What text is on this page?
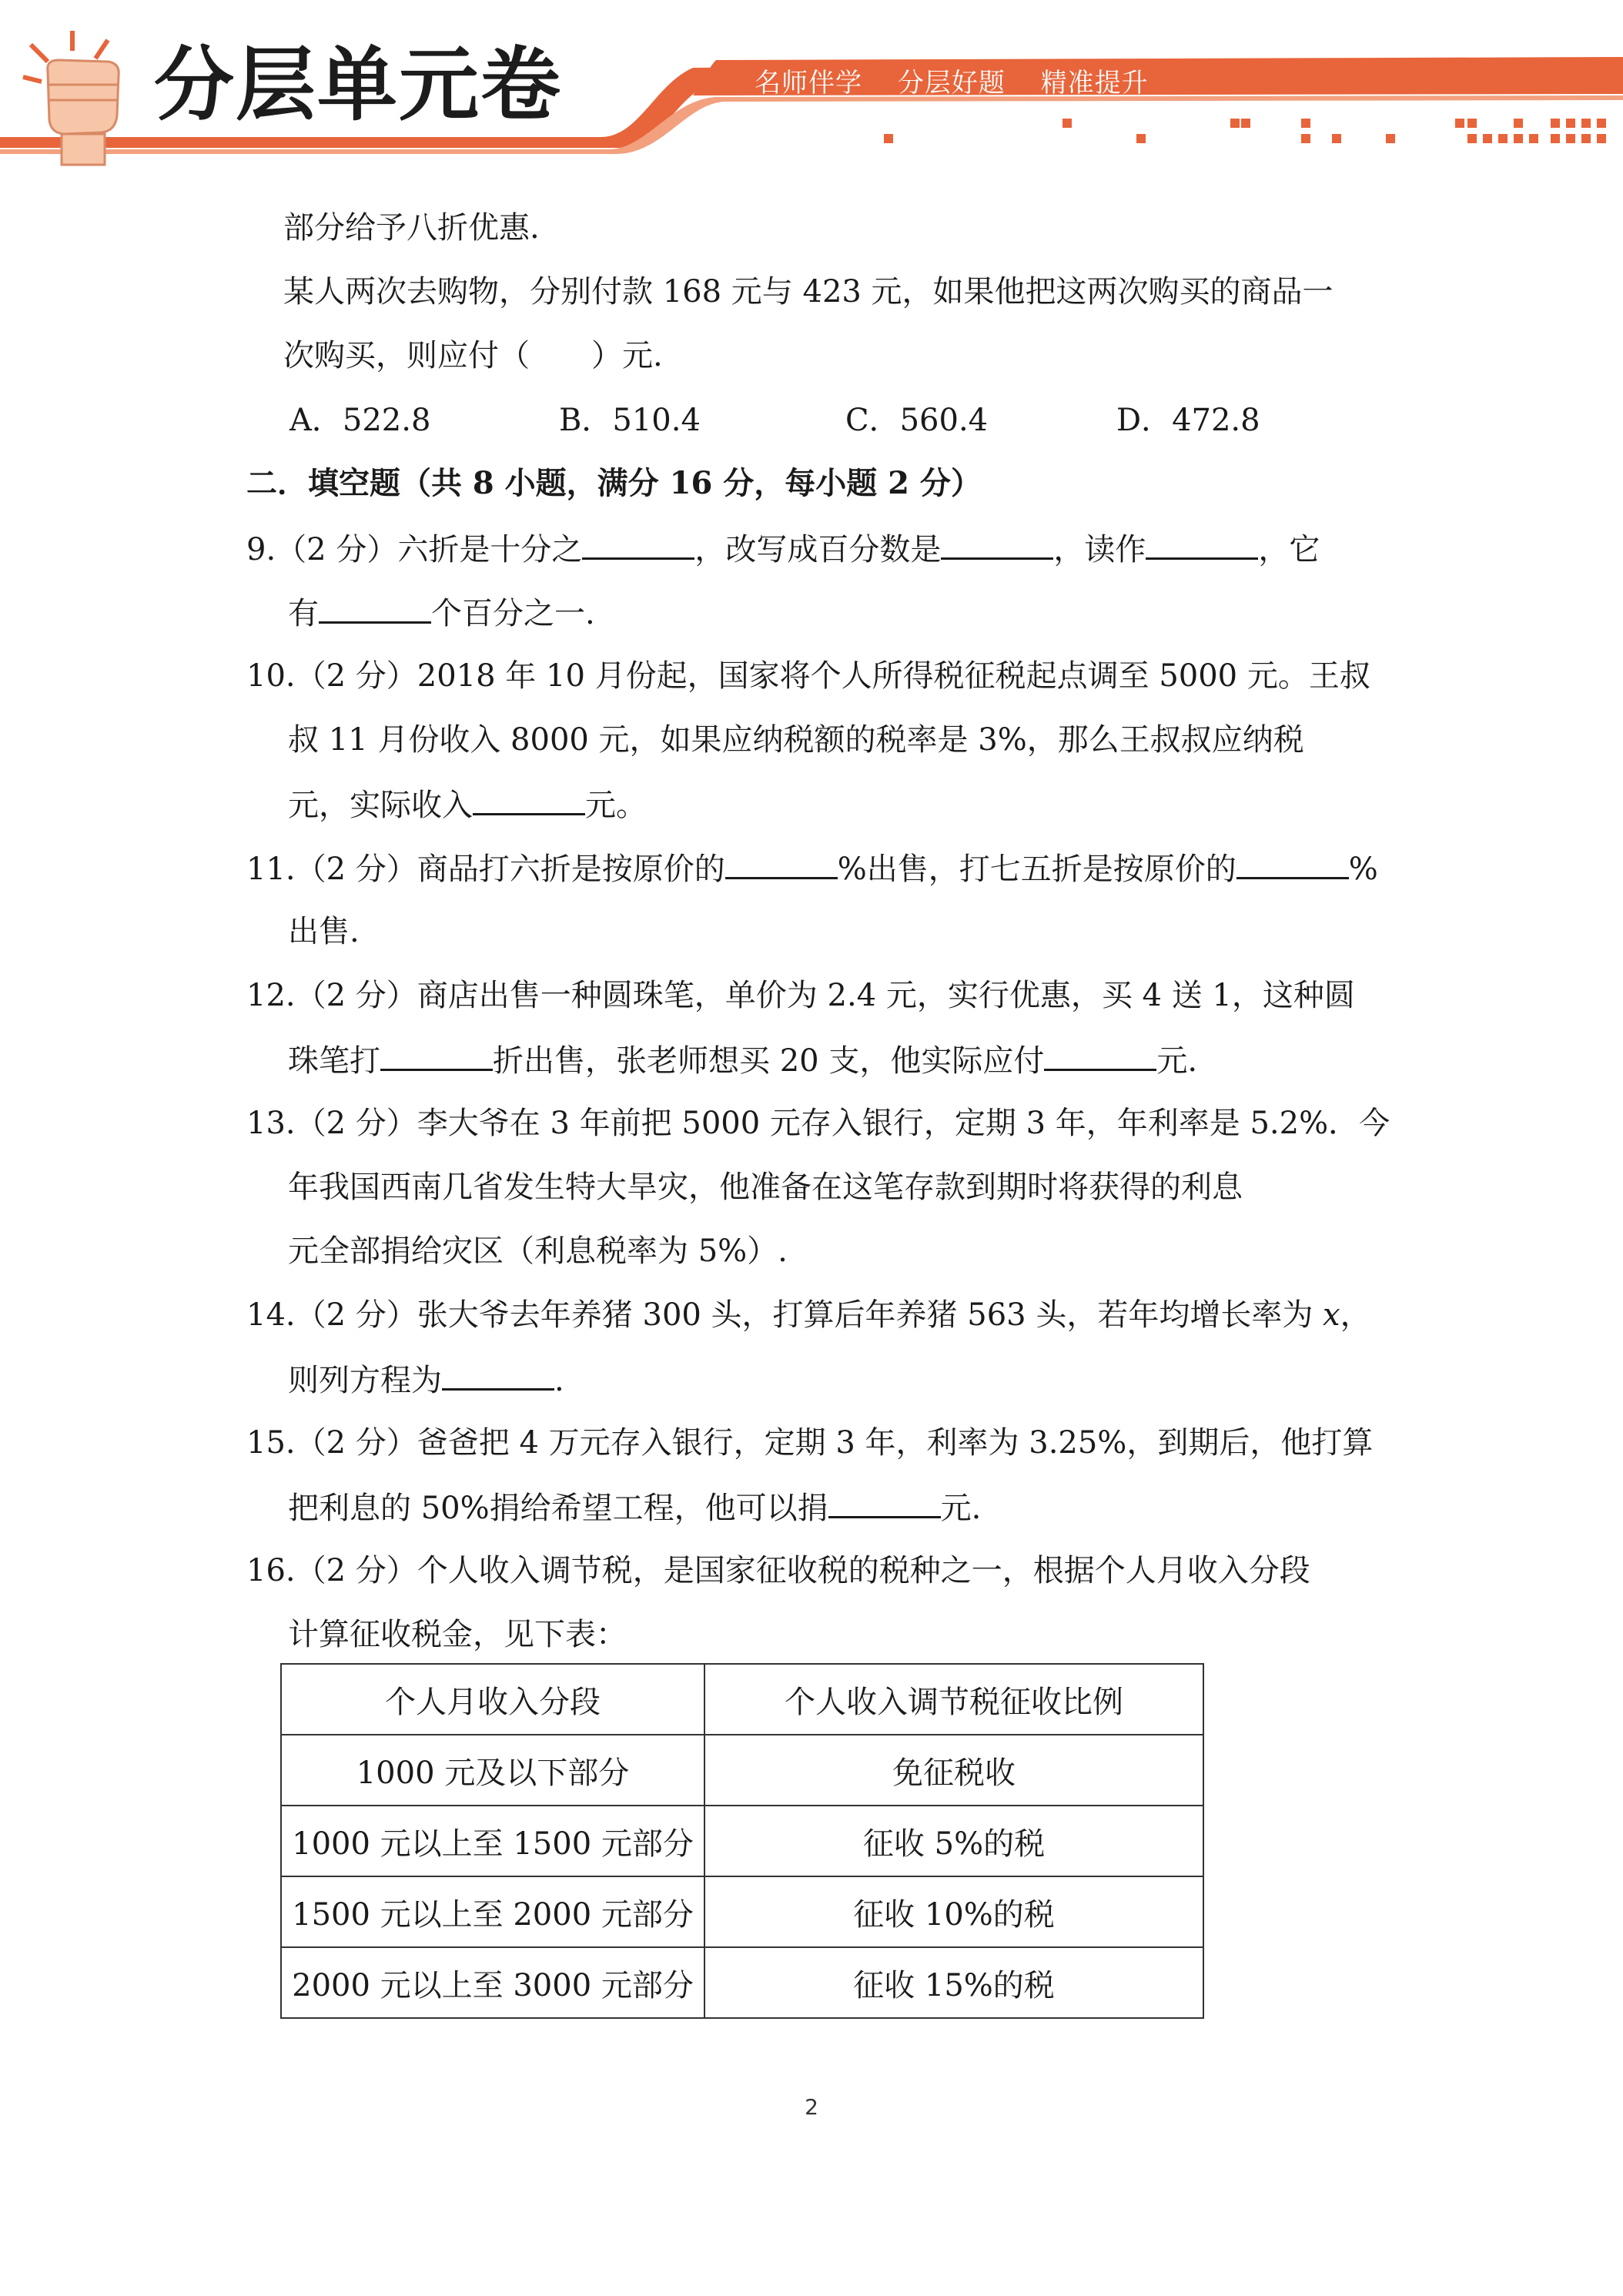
分层单元卷	名师伴学 分层好题 精准提升
部分给予八折优惠.
某人两次去购物，分别付款 168 元与 423 元，如果他把这两次购买的商品一
次购买，则应付（　　）元.
A．522.8	B．510.4	C．560.4	D．472.8
二．填空题（共 8 小题，满分 16 分，每小题 2 分）
9.（2 分）六折是十分之	，改写成百分数是	，读作	，它
有	个百分之一.
10.（2 分）2018 年 10 月份起，国家将个人所得税征税起点调至 5000 元。王叔
叔 11 月份收入 8000 元，如果应纳税额的税率是 3%，那么王叔叔应纳税
元，实际收入	元。
11.（2 分）商品打六折是按原价的	%出售，打七五折是按原价的	%
出售.
12.（2 分）商店出售一种圆珠笔，单价为 2.4 元，实行优惠，买 4 送 1，这种圆
珠笔打	折出售，张老师想买 20 支，他实际应付	元.
13.（2 分）李大爷在 3 年前把 5000 元存入银行，定期 3 年，年利率是 5.2%．今
年我国西南几省发生特大旱灾，他准备在这笔存款到期时将获得的利息
元全部捐给灾区（利息税率为 5%）.
14.（2 分）张大爷去年养猪 300 头，打算后年养猪 563 头，若年均增长率为 x，
则列方程为	.
15.（2 分）爸爸把 4 万元存入银行，定期 3 年，利率为 3.25%，到期后，他打算
把利息的 50%捐给希望工程，他可以捐	元.
16.（2 分）个人收入调节税，是国家征收税的税种之一，根据个人月收入分段
计算征收税金，见下表：
个人月收入分段	个人收入调节税征收比例
1000 元及以下部分	免征税收
1000 元以上至 1500 元部分	征收 5%的税
1500 元以上至 2000 元部分	征收 10%的税
2000 元以上至 3000 元部分	征收 15%的税
2
